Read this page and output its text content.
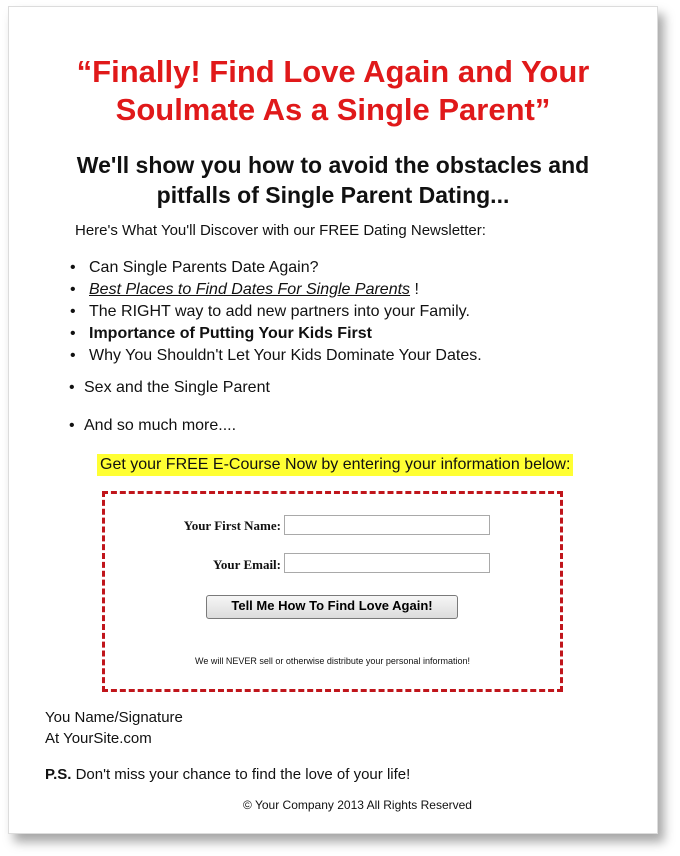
“Finally! Find Love Again and Your
Soulmate As a Single Parent”
We'll show you how to avoid the obstacles and
pitfalls of Single Parent Dating...

Here's What You'll Discover with our FREE Dating Newsletter:

• Can Single Parents Date Again?
• Best Places to Find Dates For Single Parents !
• The RIGHT way to add new partners into your Family.
• Importance of Putting Your Kids First
• Why You Shouldn't Let Your Kids Dominate Your Dates.
• Sex and the Single Parent
• And so much more....
Get your FREE E-Course Now by entering your information below:
Your First Name:
Your Email:
Tell Me How To Find Love Again!
We will NEVER sell or otherwise distribute your personal information!
You Name/Signature
At YourSite.com
P.S. Don't miss your chance to find the love of your life!
© Your Company 2013 All Rights Reserved
